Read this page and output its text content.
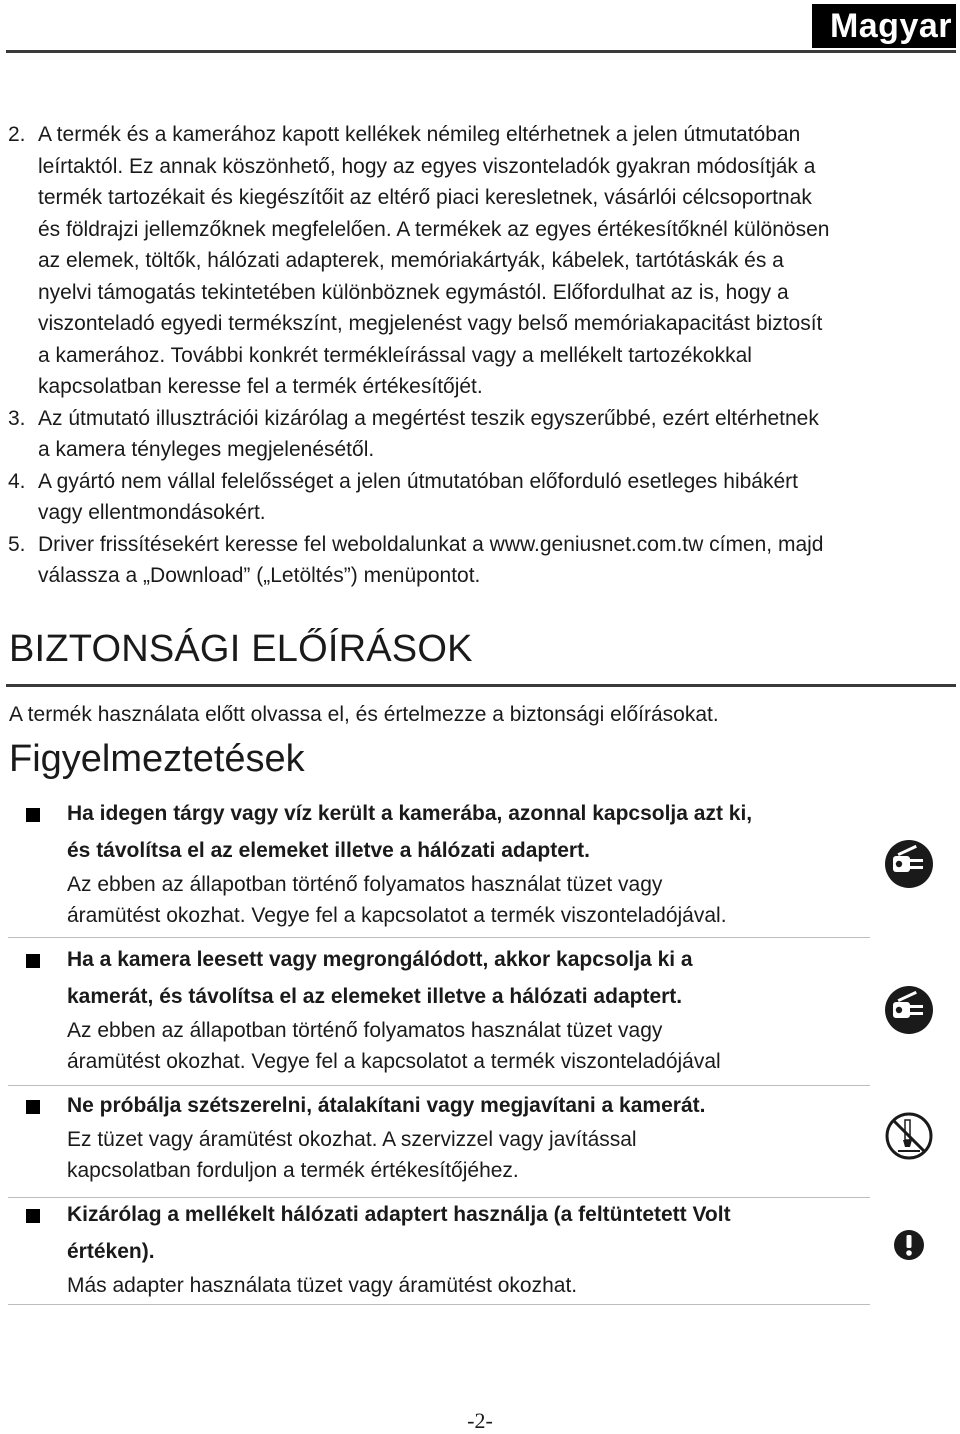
Magyar
2. A termék és a kamerához kapott kellékek némileg eltérhetnek a jelen útmutatóban
leírtaktól. Ez annak köszönhető, hogy az egyes viszonteladók gyakran módosítják a
termék tartozékait és kiegészítőit az eltérő piaci keresletnek, vásárlói célcsoportnak
és földrajzi jellemzőknek megfelelően. A termékek az egyes értékesítőknél különösen
az elemek, töltők, hálózati adapterek, memóriakártyák, kábelek, tartótáskák és a
nyelvi támogatás tekintetében különböznek egymástól. Előfordulhat az is, hogy a
viszonteladó egyedi termékszínt, megjelenést vagy belső memóriakapacitást biztosít
a kamerához. További konkrét termékleírással vagy a mellékelt tartozékokkal
kapcsolatban keresse fel a termék értékesítőjét.
3. Az útmutató illusztrációi kizárólag a megértést teszik egyszerűbbé, ezért eltérhetnek
a kamera tényleges megjelenésétől.
4. A gyártó nem vállal felelősséget a jelen útmutatóban előforduló esetleges hibákért
vagy ellentmondásokért.
5. Driver frissítésekért keresse fel weboldalunkat a www.geniusnet.com.tw címen, majd
válassza a „Download” („Letöltés”) menüpontot.
BIZTONSÁGI ELŐÍRÁSOK
A termék használata előtt olvassa el, és értelmezze a biztonsági előírásokat.
Figyelmeztetések
Ha idegen tárgy vagy víz került a kamerába, azonnal kapcsolja azt ki,
és távolítsa el az elemeket illetve a hálózati adaptert.
Az ebben az állapotban történő folyamatos használat tüzet vagy
áramütést okozhat. Vegye fel a kapcsolatot a termék viszonteladójával.
Ha a kamera leesett vagy megrongálódott, akkor kapcsolja ki a
kamerát, és távolítsa el az elemeket illetve a hálózati adaptert.
Az ebben az állapotban történő folyamatos használat tüzet vagy
áramütést okozhat. Vegye fel a kapcsolatot a termék viszonteladójával
Ne próbálja szétszerelni, átalakítani vagy megjavítani a kamerát.
Ez tüzet vagy áramütést okozhat. A szervizzel vagy javítással
kapcsolatban forduljon a termék értékesítőjéhez.
Kizárólag a mellékelt hálózati adaptert használja (a feltüntetett Volt
értéken).
Más adapter használata tüzet vagy áramütést okozhat.
-2-
